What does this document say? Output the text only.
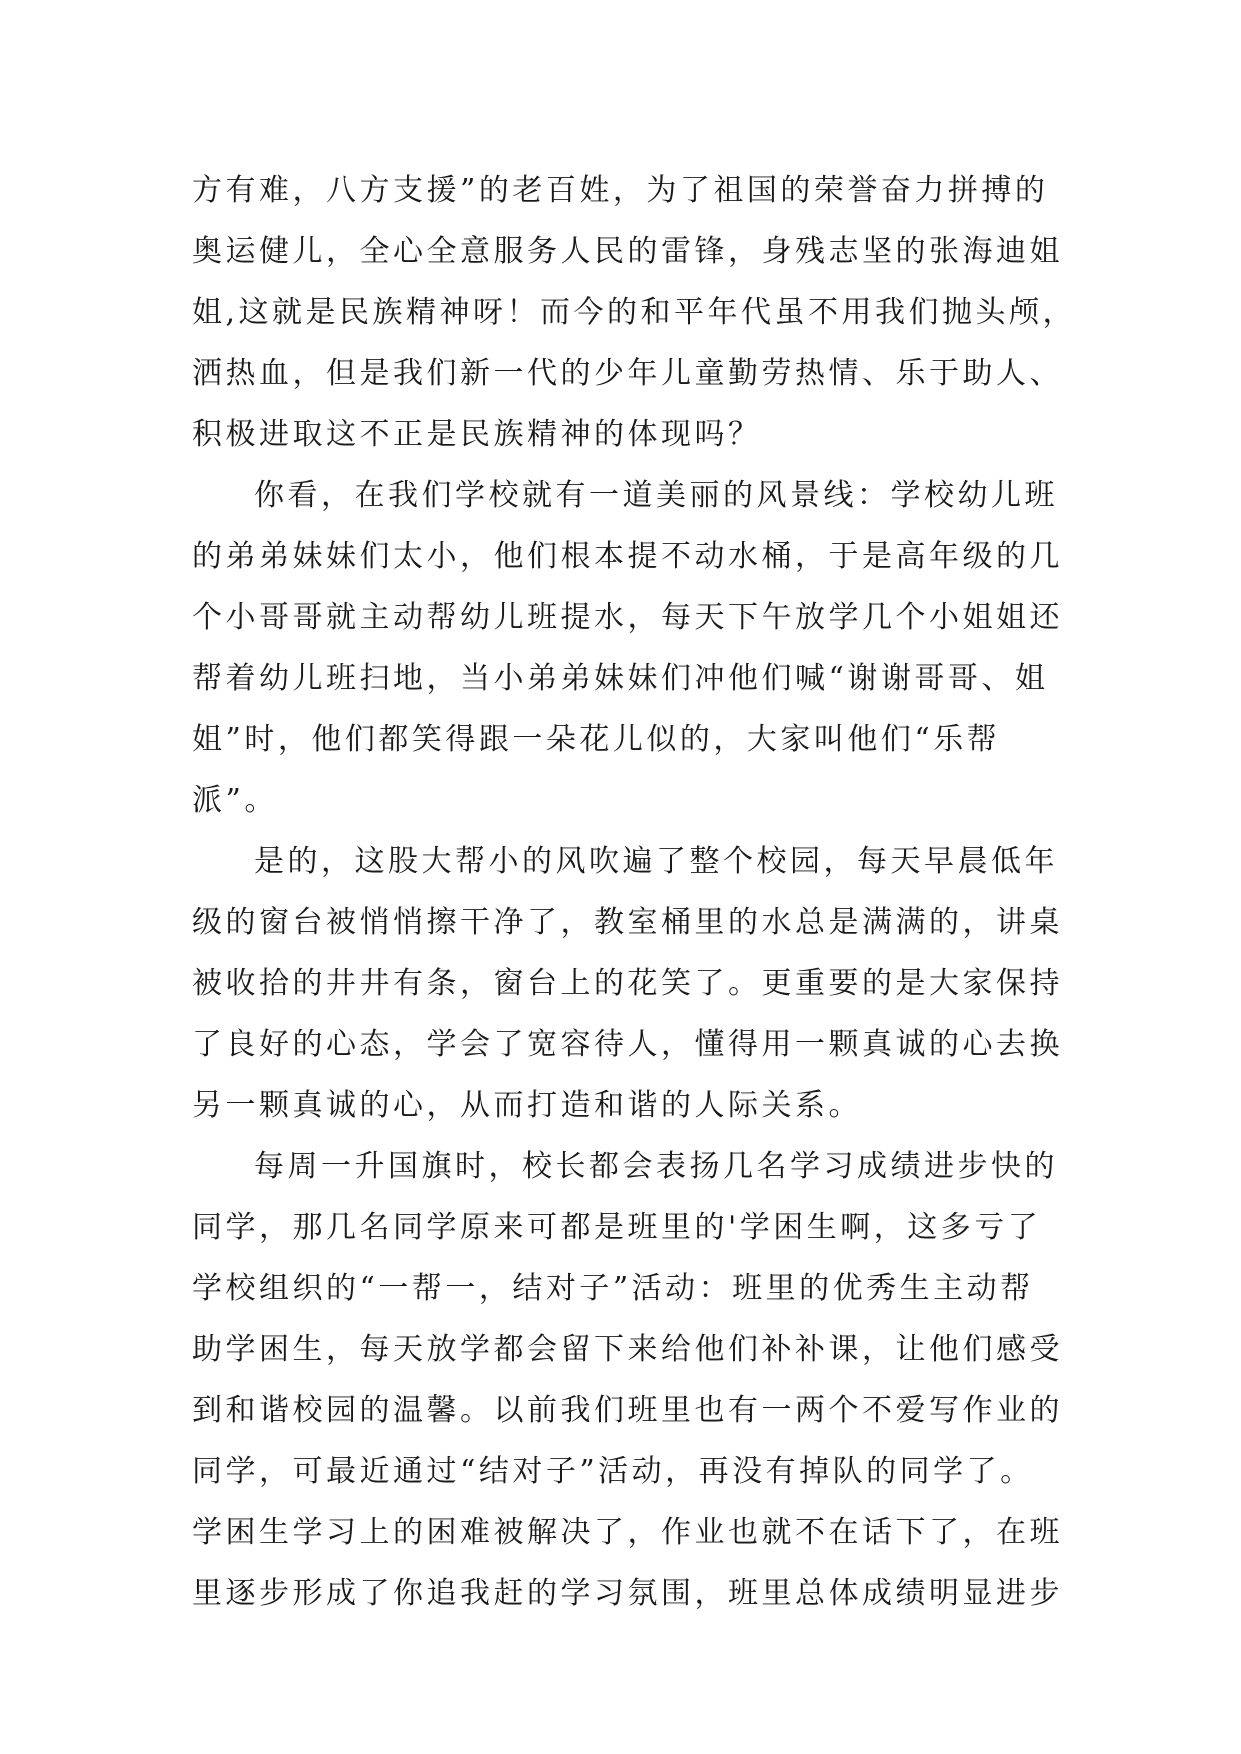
方有难，八方支援”的老百姓，为了祖国的荣誉奋力拼搏的
奥运健儿，全心全意服务人民的雷锋，身残志坚的张海迪姐
姐,这就是民族精神呀！而今的和平年代虽不用我们抛头颅，
洒热血，但是我们新一代的少年儿童勤劳热情、乐于助人、
积极进取这不正是民族精神的体现吗？
你看，在我们学校就有一道美丽的风景线：学校幼儿班
的弟弟妹妹们太小，他们根本提不动水桶，于是高年级的几
个小哥哥就主动帮幼儿班提水，每天下午放学几个小姐姐还
帮着幼儿班扫地，当小弟弟妹妹们冲他们喊“谢谢哥哥、姐
姐”时，他们都笑得跟一朵花儿似的，大家叫他们“乐帮
派”。
是的，这股大帮小的风吹遍了整个校园，每天早晨低年
级的窗台被悄悄擦干净了，教室桶里的水总是满满的，讲桌
被收拾的井井有条，窗台上的花笑了。更重要的是大家保持
了良好的心态，学会了宽容待人，懂得用一颗真诚的心去换
另一颗真诚的心，从而打造和谐的人际关系。
每周一升国旗时，校长都会表扬几名学习成绩进步快的
同学，那几名同学原来可都是班里的'学困生啊，这多亏了
学校组织的“一帮一，结对子”活动：班里的优秀生主动帮
助学困生，每天放学都会留下来给他们补补课，让他们感受
到和谐校园的温馨。以前我们班里也有一两个不爱写作业的
同学，可最近通过“结对子”活动，再没有掉队的同学了。
学困生学习上的困难被解决了，作业也就不在话下了，在班
里逐步形成了你追我赶的学习氛围，班里总体成绩明显进步
